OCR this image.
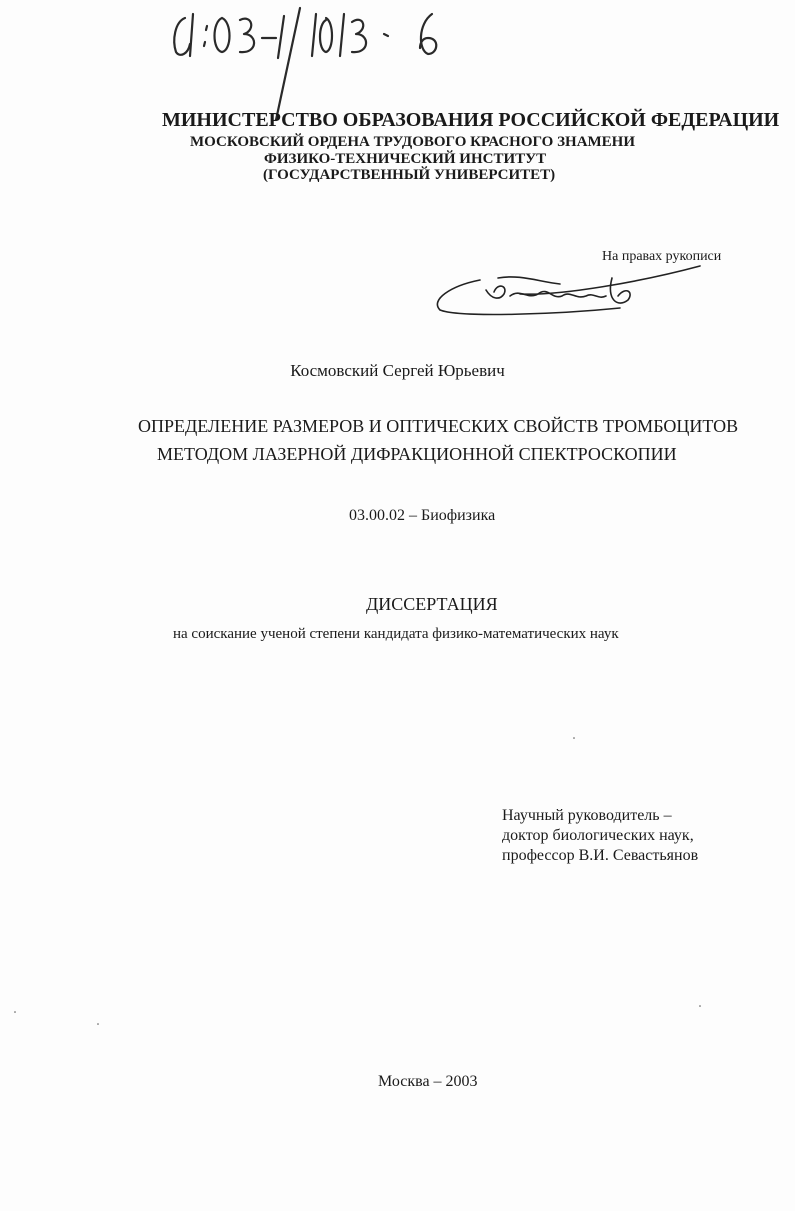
МИНИСТЕРСТВО ОБРАЗОВАНИЯ РОССИЙСКОЙ ФЕДЕРАЦИИ
МОСКОВСКИЙ ОРДЕНА ТРУДОВОГО КРАСНОГО ЗНАМЕНИ
ФИЗИКО-ТЕХНИЧЕСКИЙ ИНСТИТУТ
(ГОСУДАРСТВЕННЫЙ УНИВЕРСИТЕТ)
На правах рукописи
Космовский Сергей Юрьевич
ОПРЕДЕЛЕНИЕ РАЗМЕРОВ И ОПТИЧЕСКИХ СВОЙСТВ ТРОМБОЦИТОВ
МЕТОДОМ ЛАЗЕРНОЙ ДИФРАКЦИОННОЙ СПЕКТРОСКОПИИ
03.00.02 – Биофизика
ДИССЕРТАЦИЯ
на соискание ученой степени кандидата физико-математических наук
Научный руководитель –
доктор биологических наук,
профессор В.И. Севастьянов
Москва – 2003
